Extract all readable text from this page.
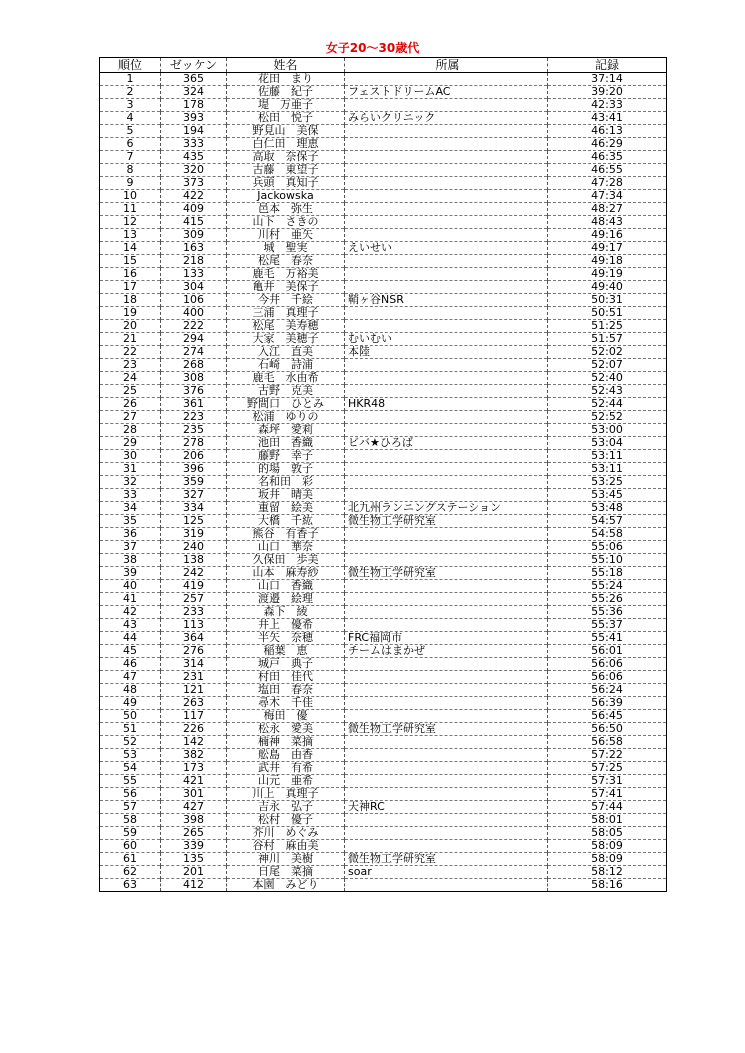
女子20～30歳代
順位	ゼッケン	姓名	所属	記録
1	365	花田　まり		37:14
2	324	佐藤　紀子	フェストドリームAC	39:20
3	178	堤　万亜子		42:33
4	393	松田　悦子	みらいクリニック	43:41
5	194	野見山　美保		46:13
6	333	白仁田　理恵		46:29
7	435	高取　奈保子		46:35
8	320	古藤　東望子		46:55
9	373	兵頭　真知子		47:28
10	422	Jackowska		47:34
11	409	邑本　弥生		48:27
12	415	山下　さきの		48:43
13	309	川村　亜矢		49:16
14	163	城　聖実	えいせい	49:17
15	218	松尾　春奈		49:18
16	133	鹿毛　万裕美		49:19
17	304	亀井　美保子		49:40
18	106	今井　千絵	鞘ヶ谷NSR	50:31
19	400	三浦　真理子		50:51
20	222	松尾　美寿穂		51:25
21	294	大家　美穂子	むいむい	51:57
22	274	入江　直美	本陸	52:02
23	268	石崎　詩浦		52:07
24	308	鹿毛　水由希		52:40
25	376	古野　克美		52:43
26	361	野間口　ひとみ	HKR48	52:44
27	223	松浦　ゆりの		52:52
28	235	森坪　愛莉		53:00
29	278	池田　香織	ビバ★ひろば	53:04
30	206	藤野　幸子		53:11
31	396	的場　敦子		53:11
32	359	名和田　彩		53:25
33	327	坂井　晴美		53:45
34	334	重留　絵美	北九州ランニングステーション	53:48
35	125	大橋　千紘	微生物工学研究室	54:57
36	319	熊谷　有香子		54:58
37	240	山口　華奈		55:06
38	138	久保田　歩美		55:10
39	242	山本　麻寿紗	微生物工学研究室	55:18
40	419	山口　香織		55:24
41	257	渡邉　絵理		55:26
42	233	森下　綾		55:36
43	113	井上　優希		55:37
44	364	半矢　奈穂	FRC福岡市	55:41
45	276	稲葉　恵	チームはまかぜ	56:01
46	314	城戸　典子		56:06
47	231	村田　佳代		56:06
48	121	塩田　春奈		56:24
49	263	尋木　千佳		56:39
50	117	梅田　優		56:45
51	226	松永　愛美	微生物工学研究室	56:50
52	142	楠神　菜摘		56:58
53	382	舩島　由香		57:22
54	173	武井　有希		57:25
55	421	山元　亜希		57:31
56	301	川上　真理子		57:41
57	427	吉永　弘子	天神RC	57:44
58	398	松村　優子		58:01
59	265	芥川　めぐみ		58:05
60	339	谷村　麻由美		58:09
61	135	神川　美樹	微生物工学研究室	58:09
62	201	日尾　菜摘	soar	58:12
63	412	本園　みどり		58:16
